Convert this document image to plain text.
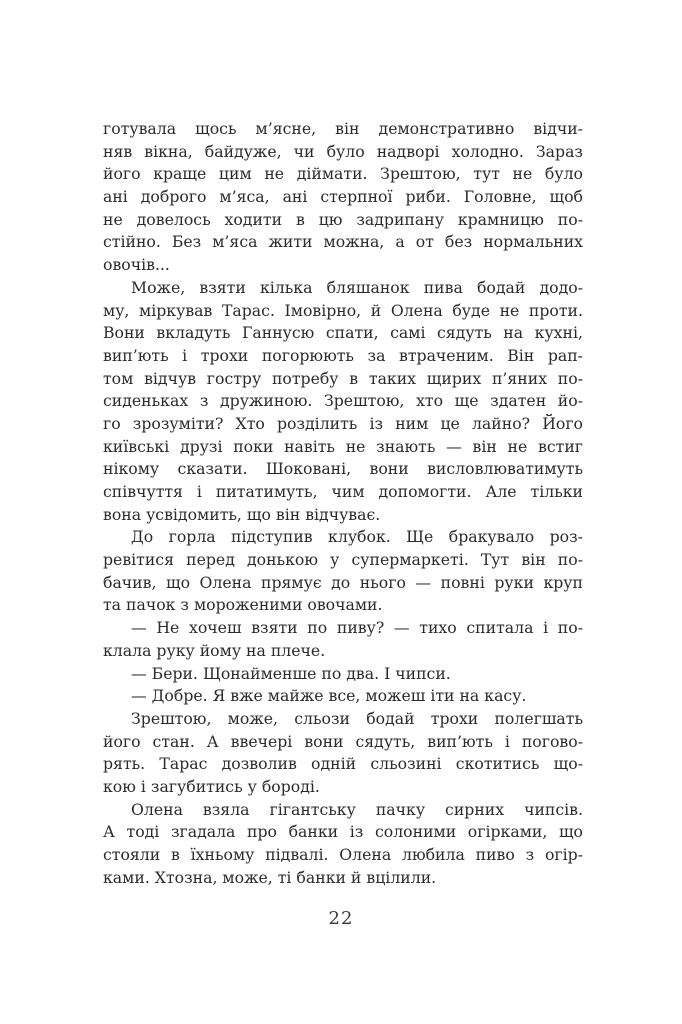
готувала щось м’ясне, він демонстративно відчи-
няв вікна, байдуже, чи було надворі холодно. Зараз
його краще цим не діймати. Зрештою, тут не було
ані доброго м’яса, ані стерпної риби. Головне, щоб
не довелось ходити в цю задрипану крамницю по-
стійно. Без м’яса жити можна, а от без нормальних
овочів...
Може, взяти кілька бляшанок пива бодай додо-
му, міркував Тарас. Імовірно, й Олена буде не проти.
Вони вкладуть Ганнусю спати, самі сядуть на кухні,
вип’ють і трохи погорюють за втраченим. Він рап-
том відчув гостру потребу в таких щирих п’яних по-
сиденьках з дружиною. Зрештою, хто ще здатен йо-
го зрозуміти? Хто розділить із ним це лайно? Його
київські друзі поки навіть не знають — він не встиг
нікому сказати. Шоковані, вони висловлюватимуть
співчуття і питатимуть, чим допомогти. Але тільки
вона усвідомить, що він відчуває.
До горла підступив клубок. Ще бракувало роз-
ревітися перед донькою у супермаркеті. Тут він по-
бачив, що Олена прямує до нього — повні руки круп
та пачок з мороженими овочами.
— Не хочеш взяти по пиву? — тихо спитала і по-
клала руку йому на плече.
— Бери. Щонайменше по два. І чипси.
— Добре. Я вже майже все, можеш іти на касу.
Зрештою, може, сльози бодай трохи полегшать
його стан. А ввечері вони сядуть, вип’ють і погово-
рять. Тарас дозволив одній сльозині скотитись що-
кою і загубитись у бороді.
Олена взяла гігантську пачку сирних чипсів.
А тоді згадала про банки із солоними огірками, що
стояли в їхньому підвалі. Олена любила пиво з огір-
ками. Хтозна, може, ті банки й вцілили.
22
